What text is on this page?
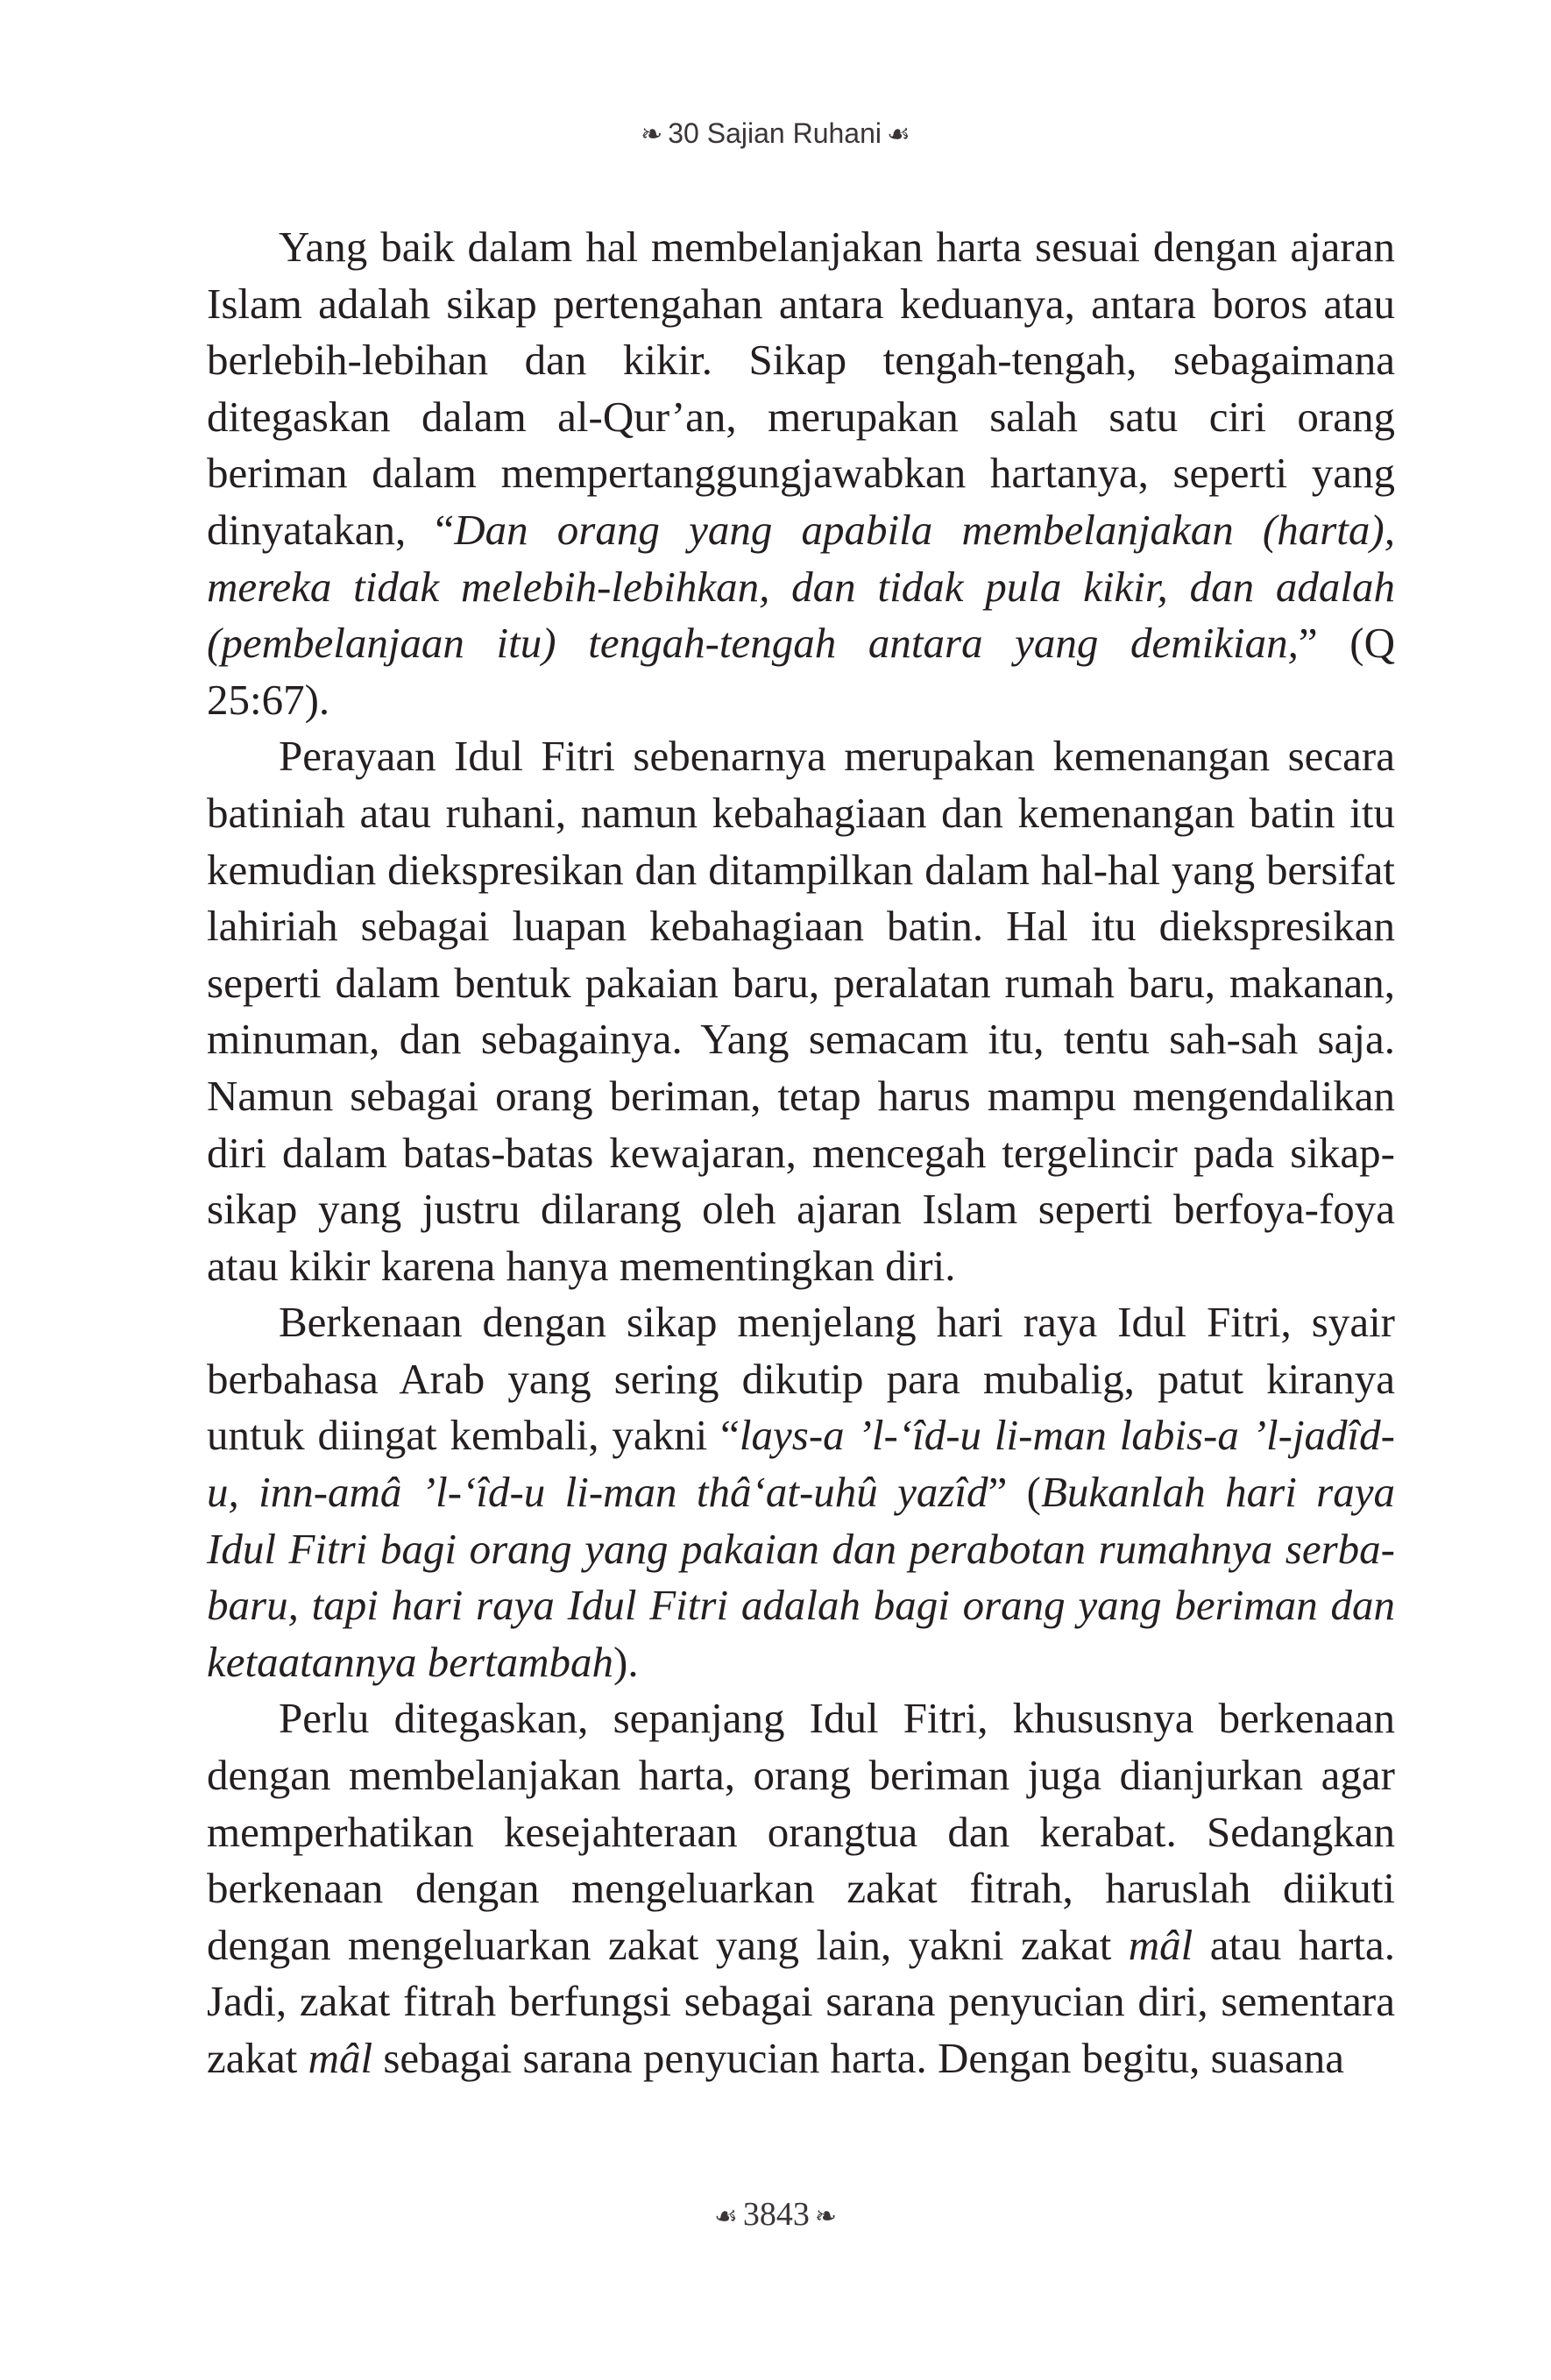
❧ 30 Sajian Ruhani ☙

Yang baik dalam hal membelanjakan harta sesuai dengan ajaran Islam adalah sikap pertengahan antara keduanya, antara boros atau berlebih-lebihan dan kikir. Sikap tengah-tengah, sebagaimana ditegaskan dalam al-Qur’an, merupakan salah satu ciri orang beriman dalam mempertanggungjawabkan hartanya, seperti yang dinyatakan, “Dan orang yang apabila membelanjakan (harta), mereka tidak melebih-lebihkan, dan tidak pula kikir, dan adalah (pembelanjaan itu) tengah-tengah antara yang demikian,” (Q 25:67).

Perayaan Idul Fitri sebenarnya merupakan kemenangan secara batiniah atau ruhani, namun kebahagiaan dan kemenangan batin itu kemudian diekspresikan dan ditampilkan dalam hal-hal yang bersifat lahiriah sebagai luapan kebahagiaan batin. Hal itu diekspresikan seperti dalam bentuk pakaian baru, peralatan rumah baru, makanan, minuman, dan sebagainya. Yang semacam itu, tentu sah-sah saja. Namun sebagai orang beriman, tetap harus mampu mengendalikan diri dalam batas-batas kewajaran, mencegah tergelincir pada sikap-sikap yang justru dilarang oleh ajaran Islam seperti berfoya-foya atau kikir karena hanya mementingkan diri.

Berkenaan dengan sikap menjelang hari raya Idul Fitri, syair berbahasa Arab yang sering dikutip para mubalig, patut kiranya untuk diingat kembali, yakni “lays-a ’l-‘îd-u li-man labis-a ’l-jadîd-u, inn-amâ ’l-‘îd-u li-man thâ‘at-uhû yazîd” (Bukanlah hari raya Idul Fitri bagi orang yang pakaian dan perabotan rumahnya serba-baru, tapi hari raya Idul Fitri adalah bagi orang yang beriman dan ketaatannya bertambah).

Perlu ditegaskan, sepanjang Idul Fitri, khususnya berkenaan dengan membelanjakan harta, orang beriman juga dianjurkan agar memperhatikan kesejahteraan orangtua dan kerabat. Sedangkan berkenaan dengan mengeluarkan zakat fitrah, haruslah diikuti dengan mengeluarkan zakat yang lain, yakni zakat mâl atau harta. Jadi, zakat fitrah berfungsi sebagai sarana penyucian diri, sementara zakat mâl sebagai sarana penyucian harta. Dengan begitu, suasana

☙ 3843 ❧
